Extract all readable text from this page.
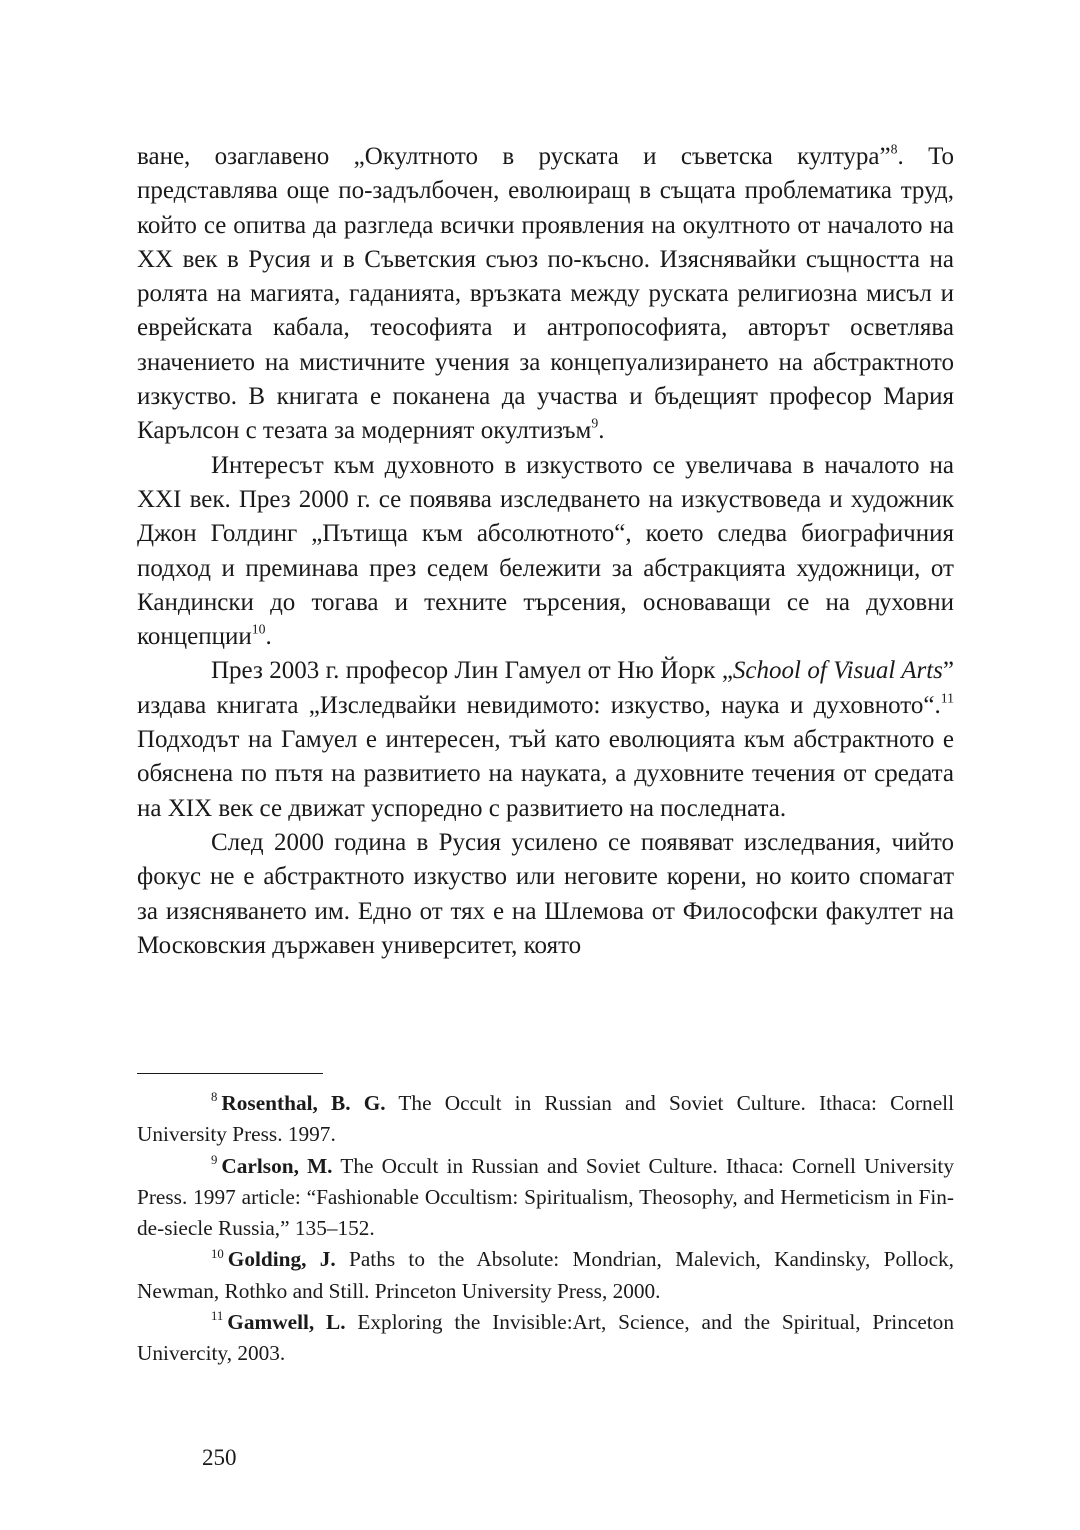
ване, озаглавено „Окултното в руската и съветска култура”$^8$. То представлява още по-задълбочен, еволюиращ в същата проблематика труд, който се опитва да разгледа всички проявления на окултното от началото на ХХ век в Русия и в Съветския съюз по-късно. Изяснявайки същността на ролята на магията, гаданията, връзката между руската религиозна мисъл и еврейската кабала, теософията и антропософията, авторът осветлява значението на мистичните учения за концепуализирането на абстрактното изкуство. В книгата е поканена да участва и бъдещият професор Мария Карълсон с тезата за модерният окултизъм$^9$.

Интересът към духовното в изкуството се увеличава в началото на ХХI век. През 2000 г. се появява изследването на изкуствоведа и художник Джон Голдинг „Пътища към абсолютното“, което следва биографичния подход и преминава през седем бележити за абстракцията художници, от Кандински до тогава и техните търсения, основаващи се на духовни концепции$^{10}$.

През 2003 г. професор Лин Гамуел от Ню Йорк „School of Visual Arts” издава книгата „Изследвайки невидимото: изкуство, наука и духовното“.$^{11}$ Подходът на Гамуел е интересен, тъй като еволюцията към абстрактното е обяснена по пътя на развитието на науката, а духовните течения от средата на XIX век се движат успоредно с развитието на последната.

След 2000 година в Русия усилено се появяват изследвания, чийто фокус не е абстрактното изкуство или неговите корени, но които спомагат за изясняването им. Едно от тях е на Шлемова от Философски факултет на Московския държавен университет, която

$^8$ Rosenthal, B. G. The Occult in Russian and Soviet Culture. Ithaca: Cornell University Press. 1997.

$^9$ Carlson, M. The Occult in Russian and Soviet Culture. Ithaca: Cornell University Press. 1997 article: “Fashionable Occultism: Spiritualism, Theosophy, and Hermeticism in Fin-de-siecle Russia,” 135–152.

$^{10}$ Golding, J. Paths to the Absolute: Mondrian, Malevich, Kandinsky, Pollock, Newman, Rothko and Still. Princeton University Press, 2000.

$^{11}$ Gamwell, L. Exploring the Invisible:Art, Science, and the Spiritual, Princeton Univercity, 2003.

250
